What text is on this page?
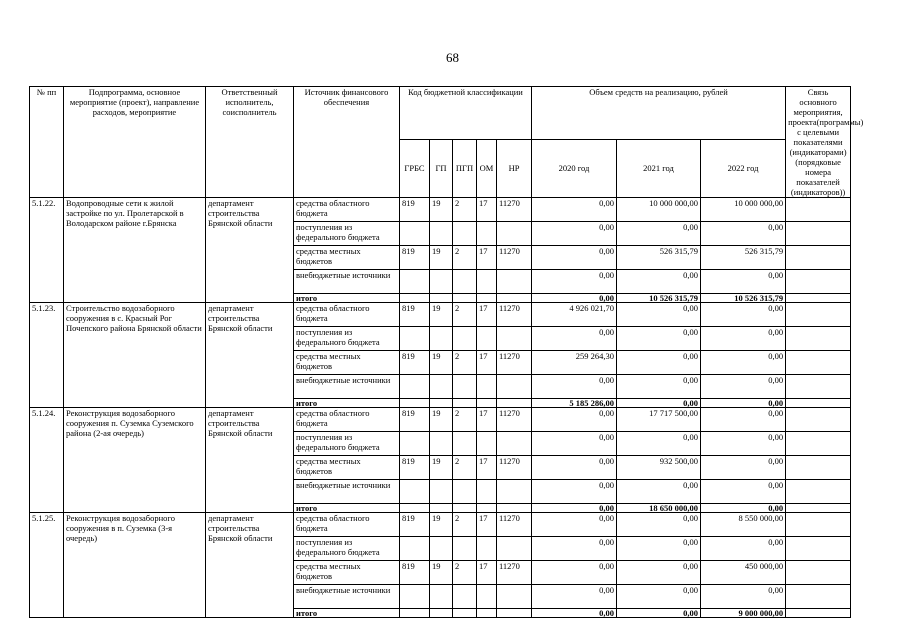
68
№ пп	Подпрограмма, основное мероприятие (проект), направление расходов, мероприятие	Ответственный исполнитель, соисполнитель	Источник финансового обеспечения	Код бюджетной классификации					Объем средств на реализацию, рублей			Связь основного мероприятия, проекта(программы) с целевыми показателями (индикаторами) (порядковые номера показателей (индикаторов))
				ГРБС	ГП	ПГП	ОМ	НР	2020 год	2021 год	2022 год	
5.1.22.	Водопроводные сети к жилой застройке по ул. Пролетарской в Володарском районе г.Брянска	департамент строительства Брянской области	средства областного бюджета	819	19	2	17	11270	0,00	10 000 000,00	10 000 000,00	
			поступления из федерального бюджета						0,00	0,00	0,00	
			средства местных бюджетов	819	19	2	17	11270	0,00	526 315,79	526 315,79	
			внебюджетные источники						0,00	0,00	0,00	
			итого						0,00	10 526 315,79	10 526 315,79	
5.1.23.	Строительство водозаборного сооружения в с. Красный Рог Почепского района Брянской области	департамент строительства Брянской области	средства областного бюджета	819	19	2	17	11270	4 926 021,70	0,00	0,00	
			поступления из федерального бюджета						0,00	0,00	0,00	
			средства местных бюджетов	819	19	2	17	11270	259 264,30	0,00	0,00	
			внебюджетные источники						0,00	0,00	0,00	
			итого						5 185 286,00	0,00	0,00	
5.1.24.	Реконструкция водозаборного сооружения п. Суземка Суземского района (2-ая очередь)	департамент строительства Брянской области	средства областного бюджета	819	19	2	17	11270	0,00	17 717 500,00	0,00	
			поступления из федерального бюджета						0,00	0,00	0,00	
			средства местных бюджетов	819	19	2	17	11270	0,00	932 500,00	0,00	
			внебюджетные источники						0,00	0,00	0,00	
			итого						0,00	18 650 000,00	0,00	
5.1.25.	Реконструкция водозаборного сооружения в п. Суземка (3-я очередь)	департамент строительства Брянской области	средства областного бюджета	819	19	2	17	11270	0,00	0,00	8 550 000,00	
			поступления из федерального бюджета						0,00	0,00	0,00	
			средства местных бюджетов	819	19	2	17	11270	0,00	0,00	450 000,00	
			внебюджетные источники						0,00	0,00	0,00	
			итого						0,00	0,00	9 000 000,00	
